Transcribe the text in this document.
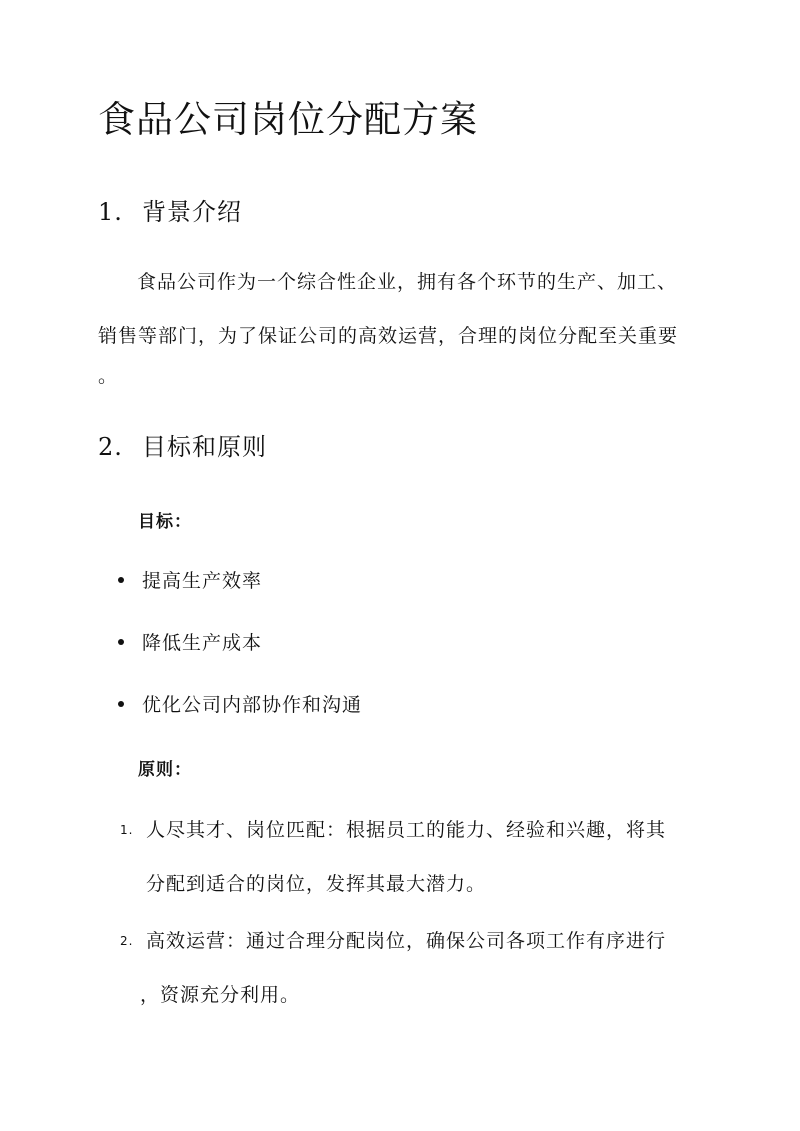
食品公司岗位分配方案
1. 背景介绍
　食品公司作为一个综合性企业，拥有各个环节的生产、加工、
销售等部门，为了保证公司的高效运营，合理的岗位分配至关重要
。
2. 目标和原则
目标：
提高生产效率
降低生产成本
优化公司内部协作和沟通
原则：
1. 人尽其才、岗位匹配：根据员工的能力、经验和兴趣，将其
分配到适合的岗位，发挥其最大潜力。
2. 高效运营：通过合理分配岗位，确保公司各项工作有序进行
，资源充分利用。
